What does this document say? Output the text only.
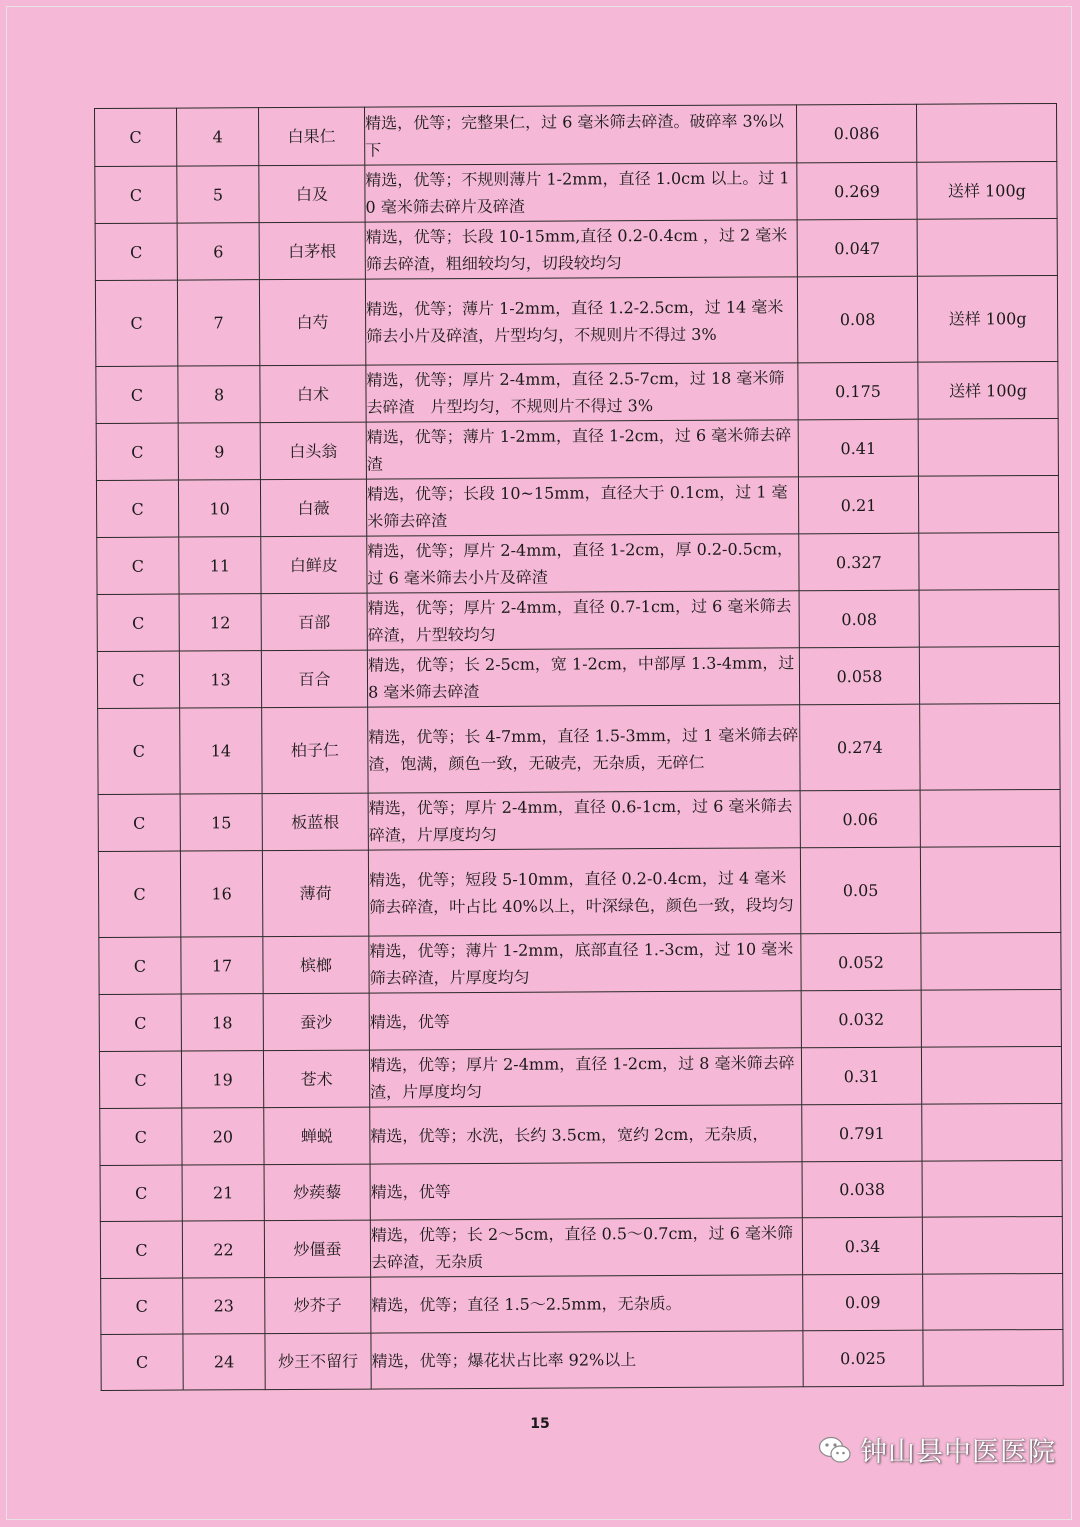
C	4	白果仁	精选，优等；完整果仁，过 6 毫米筛去碎渣。破碎率 3%以下	0.086	
C	5	白及	精选，优等；不规则薄片 1-2mm，直径 1.0cm 以上。过 10 毫米筛去碎片及碎渣	0.269	送样 100g
C	6	白茅根	精选，优等；长段 10-15mm,直径 0.2-0.4cm ，过 2 毫米筛去碎渣，粗细较均匀，切段较均匀	0.047	
C	7	白芍	精选，优等；薄片 1-2mm，直径 1.2-2.5cm，过 14 毫米筛去小片及碎渣，片型均匀，不规则片不得过 3%	0.08	送样 100g
C	8	白术	精选，优等；厚片 2-4mm，直径 2.5-7cm，过 18 毫米筛去碎渣　片型均匀，不规则片不得过 3%	0.175	送样 100g
C	9	白头翁	精选，优等；薄片 1-2mm，直径 1-2cm，过 6 毫米筛去碎渣	0.41	
C	10	白薇	精选，优等；长段 10~15mm，直径大于 0.1cm，过 1 毫米筛去碎渣	0.21	
C	11	白鲜皮	精选，优等；厚片 2-4mm，直径 1-2cm，厚 0.2-0.5cm，过 6 毫米筛去小片及碎渣	0.327	
C	12	百部	精选，优等；厚片 2-4mm，直径 0.7-1cm，过 6 毫米筛去碎渣，片型较均匀	0.08	
C	13	百合	精选，优等；长 2-5cm，宽 1-2cm，中部厚 1.3-4mm，过 8 毫米筛去碎渣	0.058	
C	14	柏子仁	精选，优等；长 4-7mm，直径 1.5-3mm，过 1 毫米筛去碎渣，饱满，颜色一致，无破壳，无杂质，无碎仁	0.274	
C	15	板蓝根	精选，优等；厚片 2-4mm，直径 0.6-1cm，过 6 毫米筛去碎渣，片厚度均匀	0.06	
C	16	薄荷	精选，优等；短段 5-10mm，直径 0.2-0.4cm，过 4 毫米筛去碎渣，叶占比 40%以上，叶深绿色，颜色一致，段均匀	0.05	
C	17	槟榔	精选，优等；薄片 1-2mm，底部直径 1.-3cm，过 10 毫米筛去碎渣，片厚度均匀	0.052	
C	18	蚕沙	精选，优等	0.032	
C	19	苍术	精选，优等；厚片 2-4mm，直径 1-2cm，过 8 毫米筛去碎渣，片厚度均匀	0.31	
C	20	蝉蜕	精选，优等；水洗，长约 3.5cm，宽约 2cm，无杂质，	0.791	
C	21	炒蒺藜	精选，优等	0.038	
C	22	炒僵蚕	精选，优等；长 2～5cm，直径 0.5～0.7cm，过 6 毫米筛去碎渣，无杂质	0.34	
C	23	炒芥子	精选，优等；直径 1.5～2.5mm，无杂质。	0.09	
C	24	炒王不留行	精选，优等；爆花状占比率 92%以上	0.025	
15
钟山县中医医院
